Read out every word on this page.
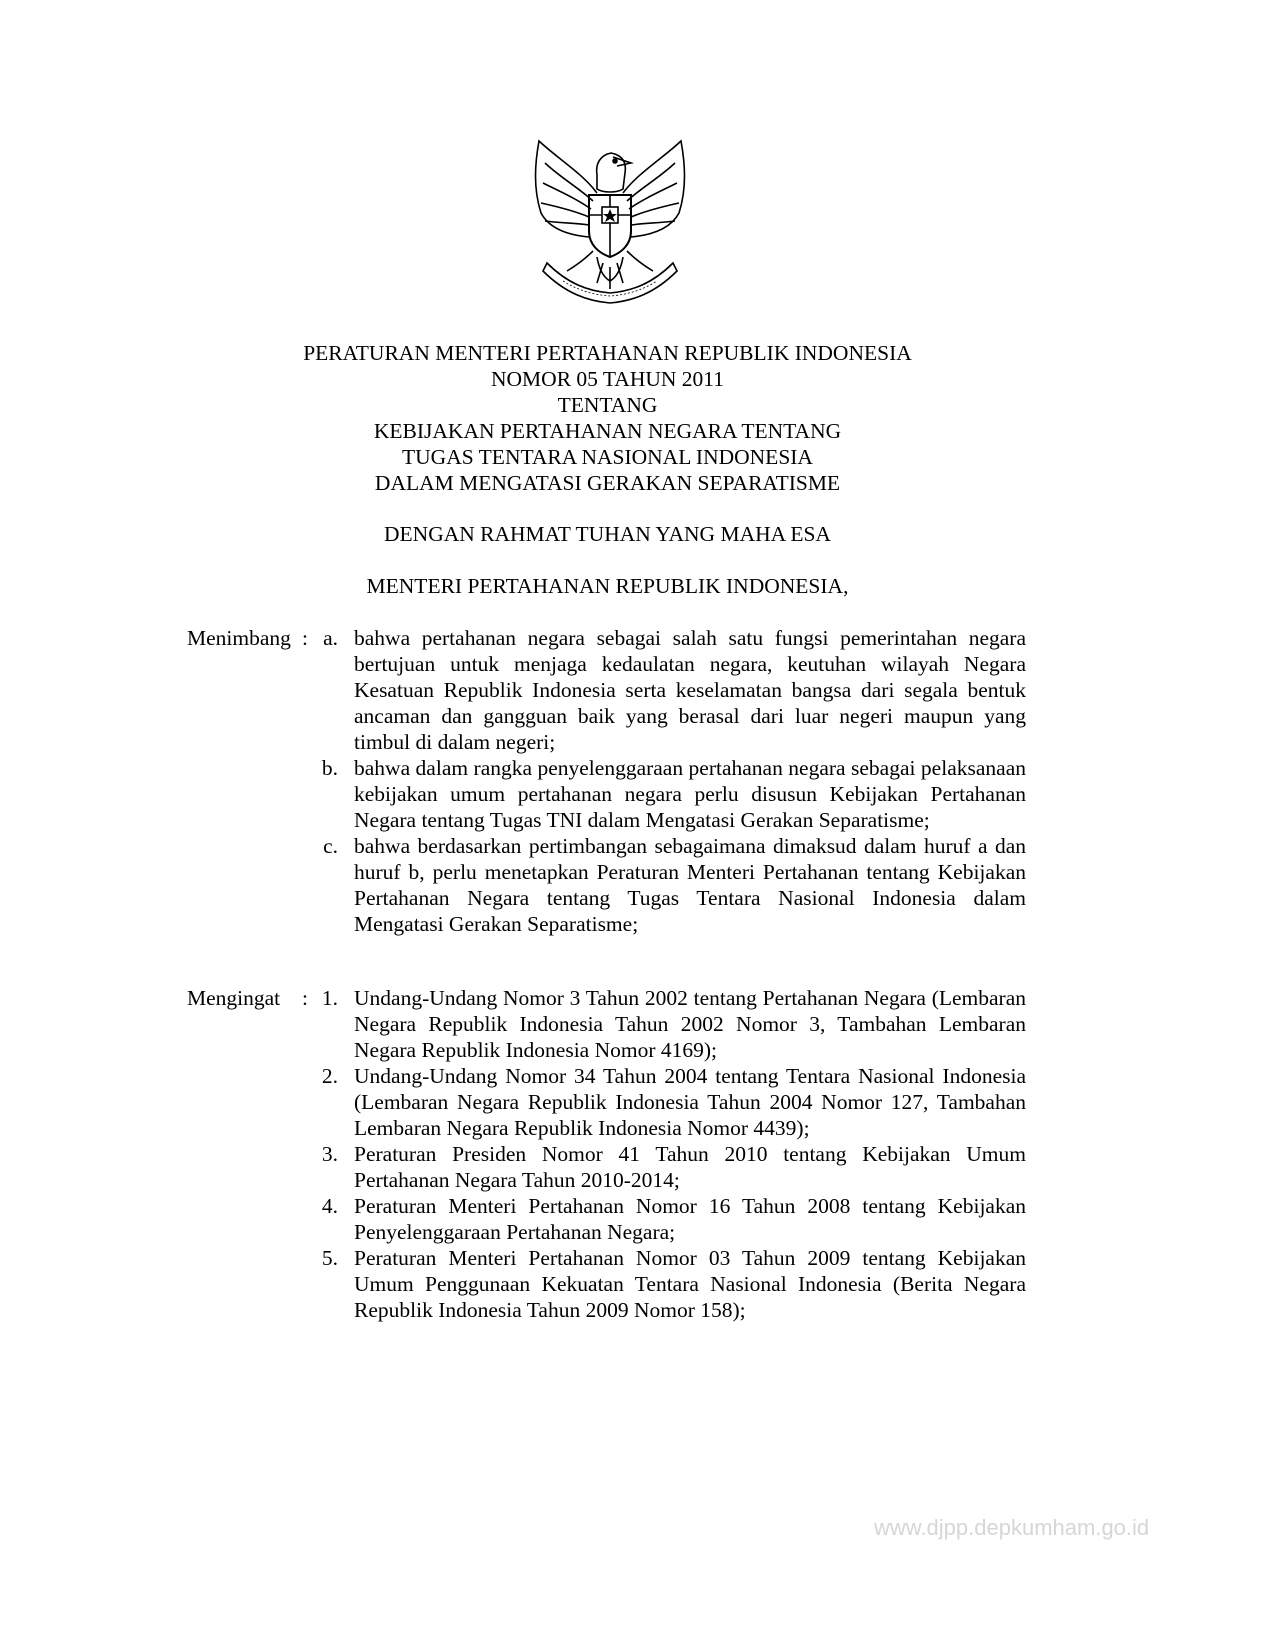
PERATURAN MENTERI PERTAHANAN REPUBLIK INDONESIA
NOMOR 05 TAHUN 2011
TENTANG
KEBIJAKAN PERTAHANAN NEGARA TENTANG
TUGAS TENTARA NASIONAL INDONESIA
DALAM MENGATASI GERAKAN SEPARATISME
DENGAN RAHMAT TUHAN YANG MAHA ESA
MENTERI PERTAHANAN REPUBLIK INDONESIA,
Menimbang : a. bahwa pertahanan negara sebagai salah satu fungsi pemerintahan negara bertujuan untuk menjaga kedaulatan negara, keutuhan wilayah Negara Kesatuan Republik Indonesia serta keselamatan bangsa dari segala bentuk ancaman dan gangguan baik yang berasal dari luar negeri maupun yang timbul di dalam negeri;
b. bahwa dalam rangka penyelenggaraan pertahanan negara sebagai pelaksanaan kebijakan umum pertahanan negara perlu disusun Kebijakan Pertahanan Negara tentang Tugas TNI dalam Mengatasi Gerakan Separatisme;
c. bahwa berdasarkan pertimbangan sebagaimana dimaksud dalam huruf a dan huruf b, perlu menetapkan Peraturan Menteri Pertahanan tentang Kebijakan Pertahanan Negara tentang Tugas Tentara Nasional Indonesia dalam Mengatasi Gerakan Separatisme;
Mengingat : 1. Undang-Undang Nomor 3 Tahun 2002 tentang Pertahanan Negara (Lembaran Negara Republik Indonesia Tahun 2002 Nomor 3, Tambahan Lembaran Negara Republik Indonesia Nomor 4169);
2. Undang-Undang Nomor 34 Tahun 2004 tentang Tentara Nasional Indonesia (Lembaran Negara Republik Indonesia Tahun 2004 Nomor 127, Tambahan Lembaran Negara Republik Indonesia Nomor 4439);
3. Peraturan Presiden Nomor 41 Tahun 2010 tentang Kebijakan Umum Pertahanan Negara Tahun 2010-2014;
4. Peraturan Menteri Pertahanan Nomor 16 Tahun 2008 tentang Kebijakan Penyelenggaraan Pertahanan Negara;
5. Peraturan Menteri Pertahanan Nomor 03 Tahun 2009 tentang Kebijakan Umum Penggunaan Kekuatan Tentara Nasional Indonesia (Berita Negara Republik Indonesia Tahun 2009 Nomor 158);
www.djpp.depkumham.go.id
